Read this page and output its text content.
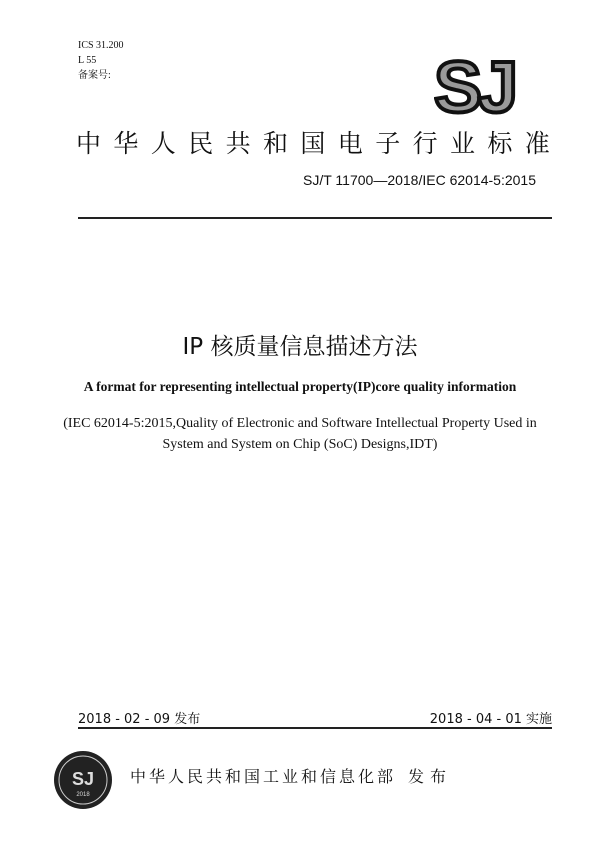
ICS 31.200
L 55
备案号:	SJ
中华人民共和国电子行业标准
SJ/T 11700—2018/IEC 62014-5:2015
IP 核质量信息描述方法
A format for representing intellectual property(IP)core quality information
(IEC 62014-5:2015,Quality of Electronic and Software Intellectual Property Used in
System and System on Chip (SoC) Designs,IDT)
2018 - 02 - 09 发布	2018 - 04 - 01 实施
SJ
2018
中华人民共和国工业和信息化部 发布
